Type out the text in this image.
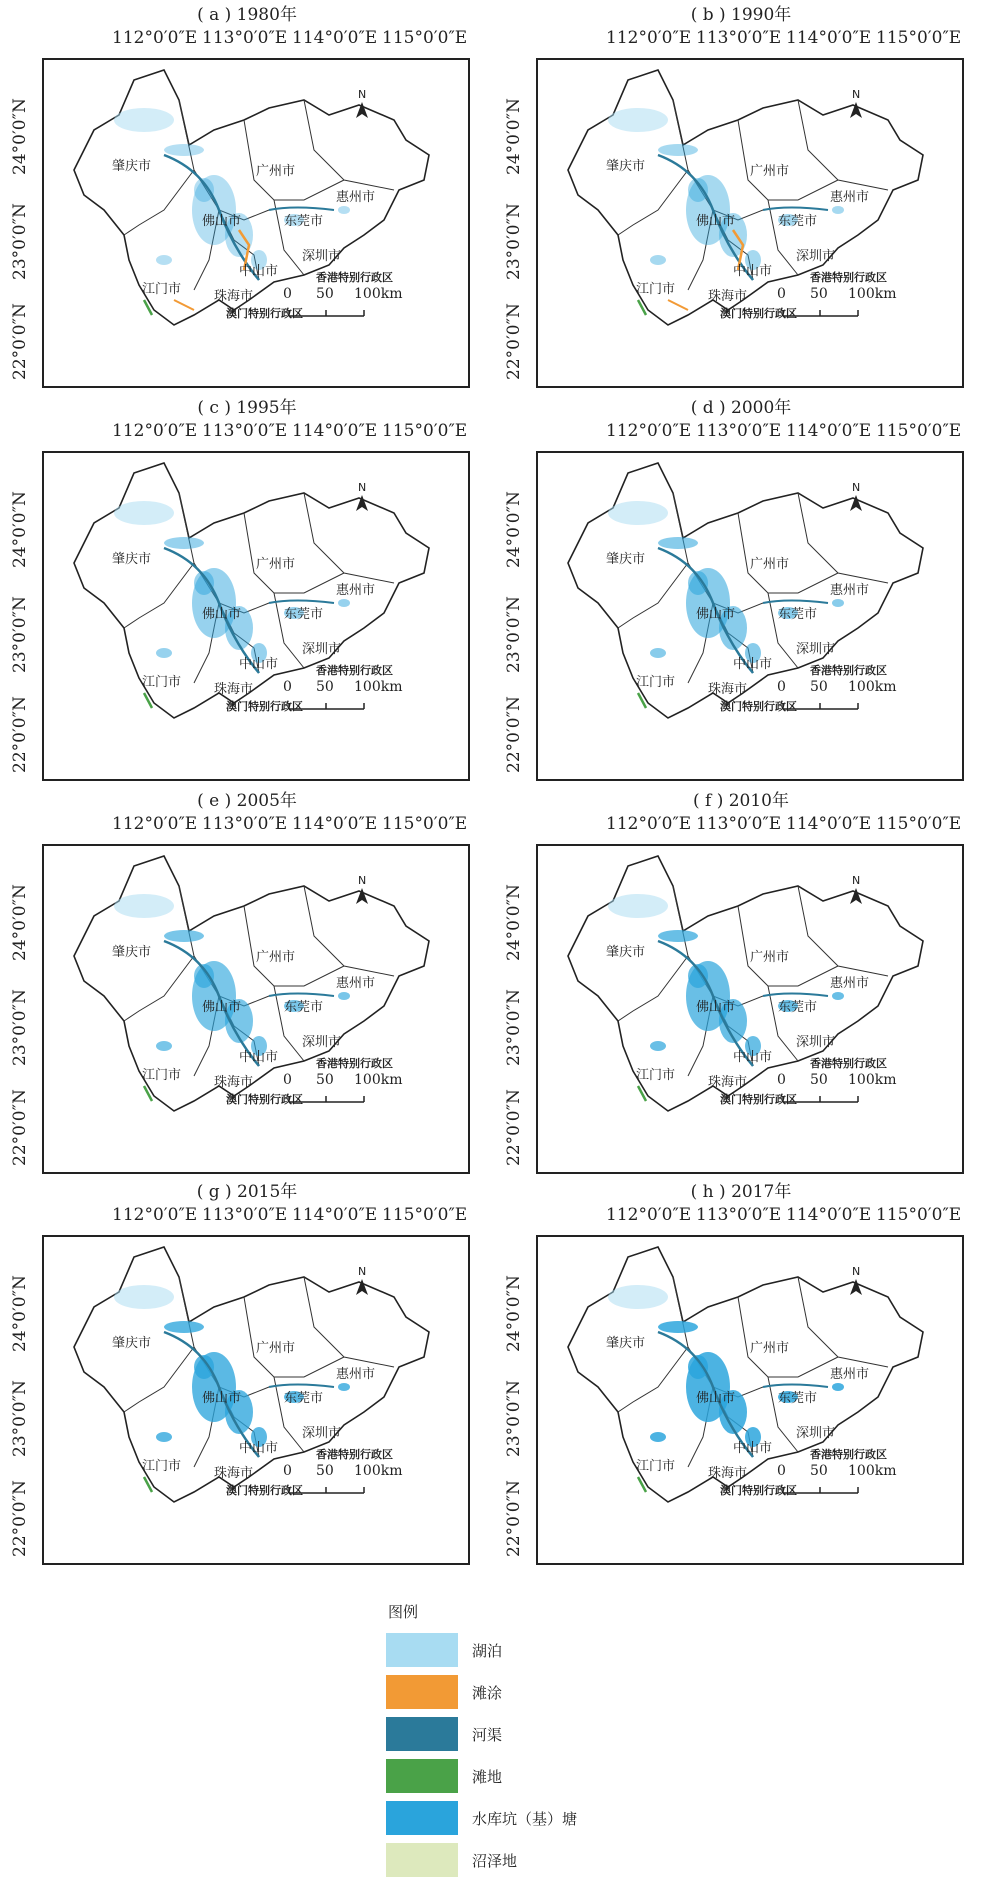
图例
湖泊
滩涂
河渠
滩地
水库坑（基）塘
沼泽地
( a ) 1980年
112°0′0″E 113°0′0″E 114°0′0″E 115°0′0″E
24°0′0″N
23°0′0″N
22°0′0″N
N
肇庆市	广州市
惠州市
佛山市	东莞市
深圳市
中山市
江门市	珠海市
香港特别行政区
澳门特别行政区
0 50 100km
( b ) 1990年
112°0′0″E 113°0′0″E 114°0′0″E 115°0′0″E
24°0′0″N
23°0′0″N
22°0′0″N
N
肇庆市	广州市
惠州市
佛山市	东莞市
深圳市
中山市
江门市	珠海市
香港特别行政区
澳门特别行政区
0 50 100km
( c ) 1995年
112°0′0″E 113°0′0″E 114°0′0″E 115°0′0″E
24°0′0″N
23°0′0″N
22°0′0″N
N
肇庆市	广州市
惠州市
佛山市	东莞市
深圳市
中山市
江门市	珠海市
香港特别行政区
澳门特别行政区
0 50 100km
( d ) 2000年
112°0′0″E 113°0′0″E 114°0′0″E 115°0′0″E
24°0′0″N
23°0′0″N
22°0′0″N
N
肇庆市	广州市
惠州市
佛山市	东莞市
深圳市
中山市
江门市	珠海市
香港特别行政区
澳门特别行政区
0 50 100km
( e ) 2005年
112°0′0″E 113°0′0″E 114°0′0″E 115°0′0″E
24°0′0″N
23°0′0″N
22°0′0″N
N
肇庆市	广州市
惠州市
佛山市	东莞市
深圳市
中山市
江门市	珠海市
香港特别行政区
澳门特别行政区
0 50 100km
( f ) 2010年
112°0′0″E 113°0′0″E 114°0′0″E 115°0′0″E
24°0′0″N
23°0′0″N
22°0′0″N
N
肇庆市	广州市
惠州市
佛山市	东莞市
深圳市
中山市
江门市	珠海市
香港特别行政区
澳门特别行政区
0 50 100km
( g ) 2015年
112°0′0″E 113°0′0″E 114°0′0″E 115°0′0″E
24°0′0″N
23°0′0″N
22°0′0″N
N
肇庆市	广州市
惠州市
佛山市	东莞市
深圳市
中山市
江门市	珠海市
香港特别行政区
澳门特别行政区
0 50 100km
( h ) 2017年
112°0′0″E 113°0′0″E 114°0′0″E 115°0′0″E
24°0′0″N
23°0′0″N
22°0′0″N
N
肇庆市	广州市
惠州市
佛山市	东莞市
深圳市
中山市
江门市	珠海市
香港特别行政区
澳门特别行政区
0 50 100km
